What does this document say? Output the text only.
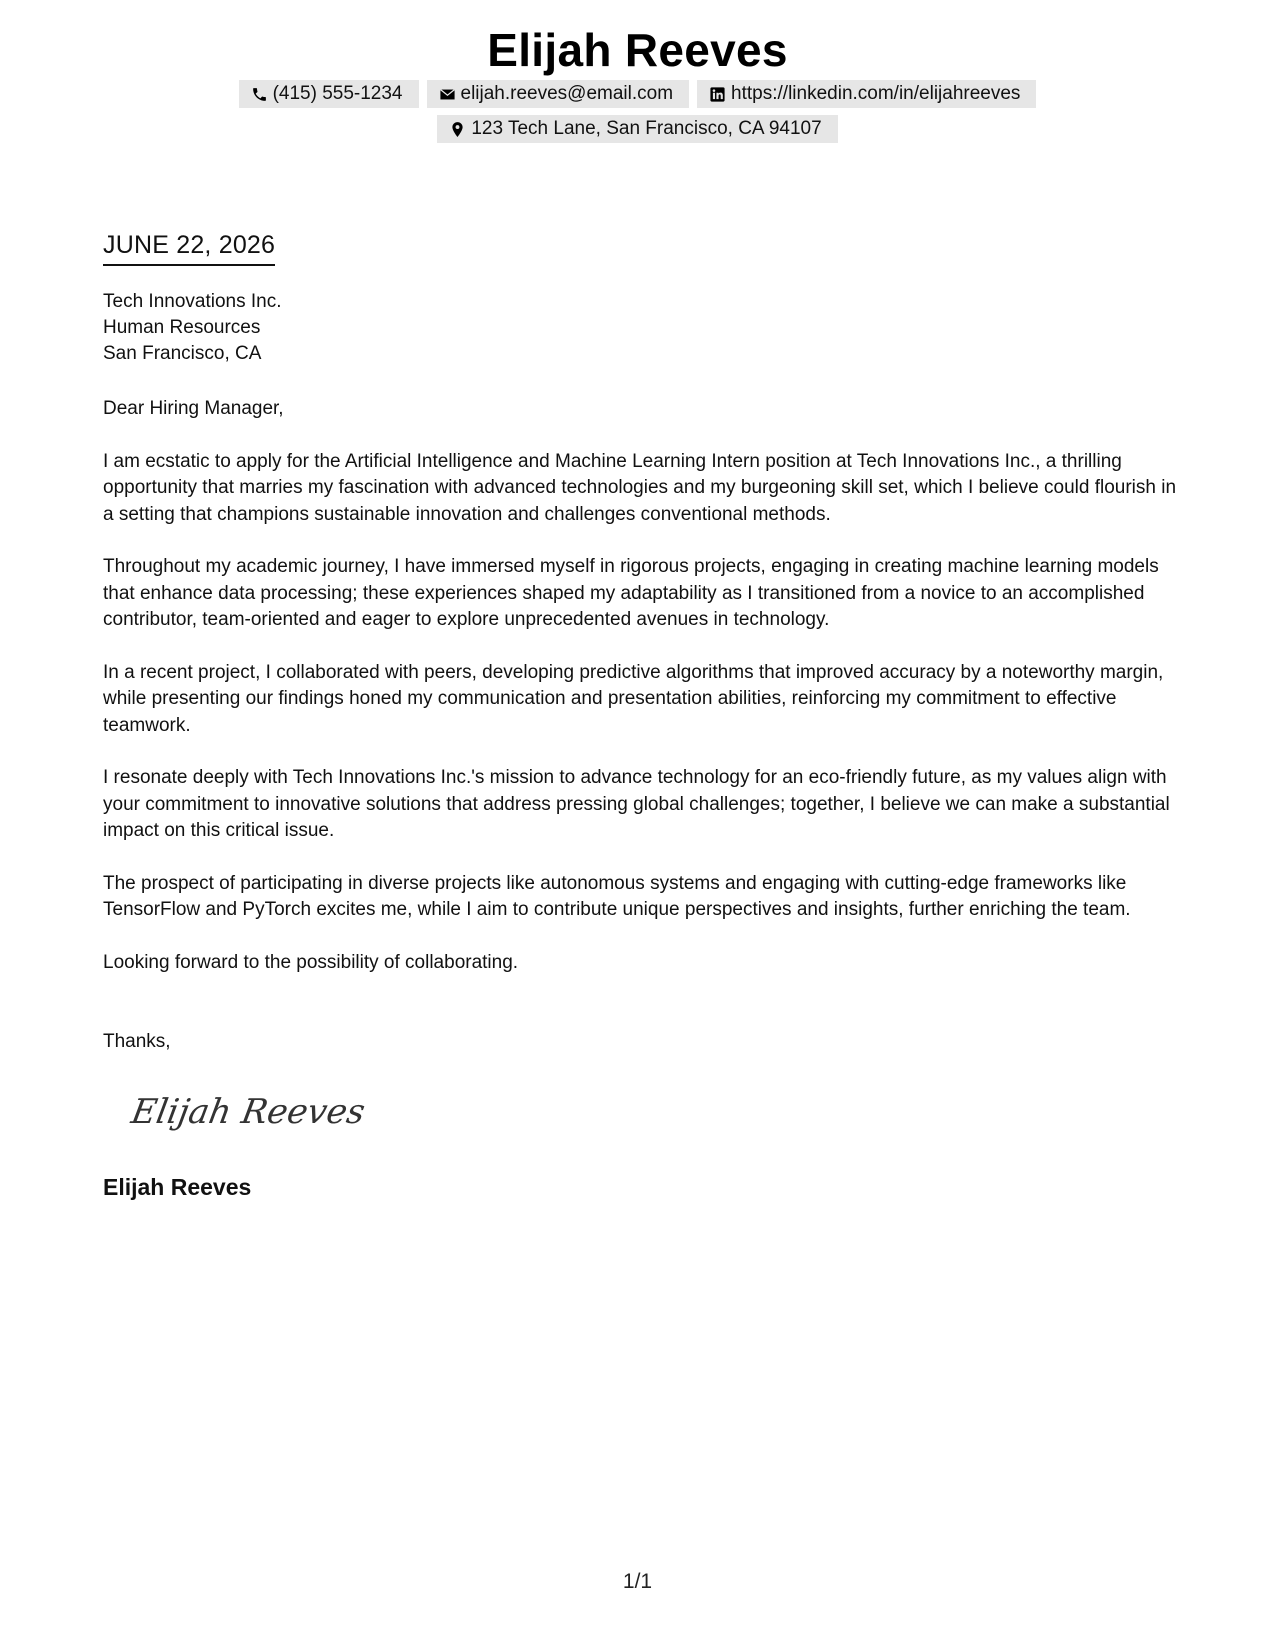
Elijah Reeves
(415) 555-1234	elijah.reeves@email.com	https://linkedin.com/in/elijahreeves
123 Tech Lane, San Francisco, CA 94107
JUNE 22, 2026
Tech Innovations Inc.
Human Resources
San Francisco, CA

Dear Hiring Manager,

I am ecstatic to apply for the Artificial Intelligence and Machine Learning Intern position at Tech Innovations Inc., a thrilling opportunity that marries my fascination with advanced technologies and my burgeoning skill set, which I believe could flourish in a setting that champions sustainable innovation and challenges conventional methods.

Throughout my academic journey, I have immersed myself in rigorous projects, engaging in creating machine learning models that enhance data processing; these experiences shaped my adaptability as I transitioned from a novice to an accomplished contributor, team-oriented and eager to explore unprecedented avenues in technology.

In a recent project, I collaborated with peers, developing predictive algorithms that improved accuracy by a noteworthy margin, while presenting our findings honed my communication and presentation abilities, reinforcing my commitment to effective teamwork.

I resonate deeply with Tech Innovations Inc.'s mission to advance technology for an eco-friendly future, as my values align with your commitment to innovative solutions that address pressing global challenges; together, I believe we can make a substantial impact on this critical issue.

The prospect of participating in diverse projects like autonomous systems and engaging with cutting-edge frameworks like TensorFlow and PyTorch excites me, while I aim to contribute unique perspectives and insights, further enriching the team.

Looking forward to the possibility of collaborating.

Thanks,
Elijah Reeves
Elijah Reeves
1/1
